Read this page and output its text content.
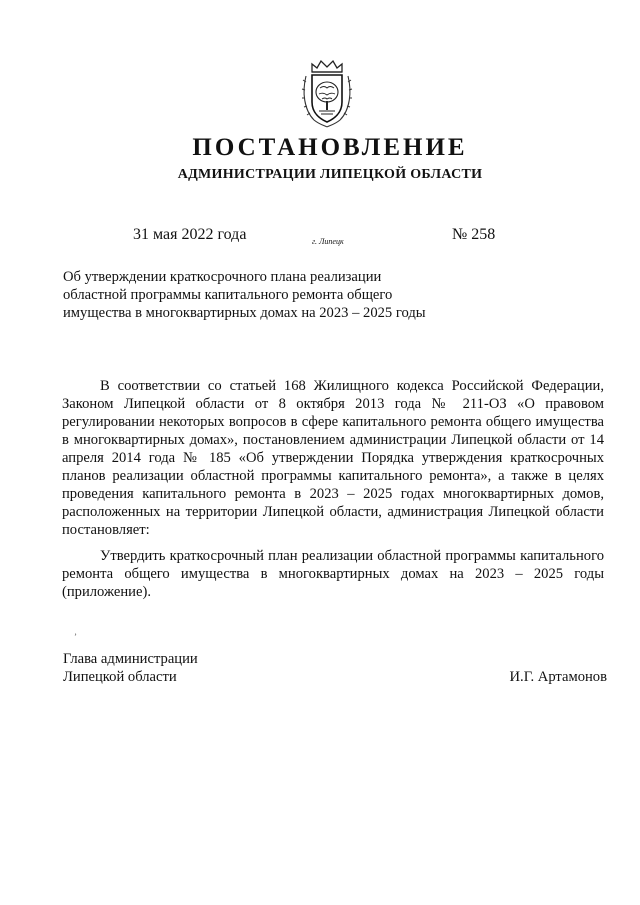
ПОСТАНОВЛЕНИЕ
АДМИНИСТРАЦИИ ЛИПЕЦКОЙ ОБЛАСТИ
31 мая 2022 года	г. Липецк	№ 258
Об утверждении краткосрочного плана реализации
областной программы капитального ремонта общего
имущества в многоквартирных домах на 2023 – 2025 годы

В соответствии со статьей 168 Жилищного кодекса Российской Федерации, Законом Липецкой области от 8 октября 2013 года № 211-ОЗ «О правовом регулировании некоторых вопросов в сфере капитального ремонта общего имущества в многоквартирных домах», постановлением администрации Липецкой области от 14 апреля 2014 года № 185 «Об утверждении Порядка утверждения краткосрочных планов реализации областной программы капитального ремонта», а также в целях проведения капитального ремонта в 2023 – 2025 годах многоквартирных домов, расположенных на территории Липецкой области, администрация Липецкой области постановляет:

Утвердить краткосрочный план реализации областной программы капитального ремонта общего имущества в многоквартирных домах на 2023 – 2025 годы (приложение).

ʼ
Глава администрации
Липецкой области	И.Г. Артамонов
